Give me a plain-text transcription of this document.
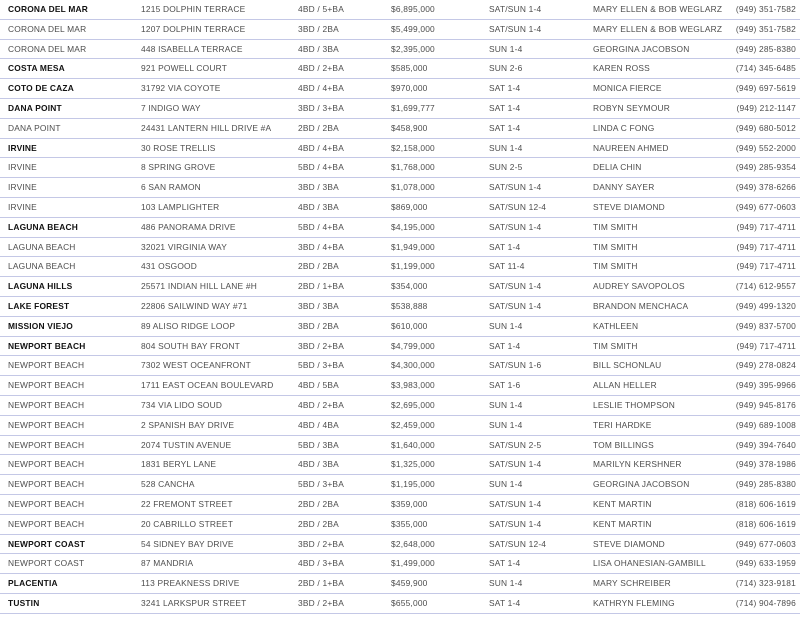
CORONA DEL MAR	1215 DOLPHIN TERRACE	4BD / 5+BA	$6,895,000	SAT/SUN 1-4	MARY ELLEN & BOB WEGLARZ (949) 351-7582
CORONA DEL MAR	1207 DOLPHIN TERRACE	3BD / 2BA	$5,499,000	SAT/SUN 1-4	MARY ELLEN & BOB WEGLARZ (949) 351-7582
CORONA DEL MAR	448 ISABELLA TERRACE	4BD / 3BA	$2,395,000	SUN 1-4	GEORGINA JACOBSON	(949) 285-8380
COSTA MESA	921 POWELL COURT	4BD / 2+BA	$585,000	SUN 2-6	KAREN ROSS	(714) 345-6485
COTO DE CAZA	31792 VIA COYOTE	4BD / 4+BA	$970,000	SAT 1-4	MONICA FIERCE	(949) 697-5619
DANA POINT	7 INDIGO WAY	3BD / 3+BA	$1,699,777	SAT 1-4	ROBYN SEYMOUR	(949) 212-1147
DANA POINT	24431 LANTERN HILL DRIVE #A	2BD / 2BA	$458,900	SAT 1-4	LINDA C FONG	(949) 680-5012
IRVINE	30 ROSE TRELLIS	4BD / 4+BA	$2,158,000	SUN 1-4	NAUREEN AHMED	(949) 552-2000
IRVINE	8 SPRING GROVE	5BD / 4+BA	$1,768,000	SUN 2-5	DELIA CHIN	(949) 285-9354
IRVINE	6 SAN RAMON	3BD / 3BA	$1,078,000	SAT/SUN 1-4	DANNY SAYER	(949) 378-6266
IRVINE	103 LAMPLIGHTER	4BD / 3BA	$869,000	SAT/SUN 12-4	STEVE DIAMOND	(949) 677-0603
LAGUNA BEACH	486 PANORAMA DRIVE	5BD / 4+BA	$4,195,000	SAT/SUN 1-4	TIM SMITH	(949) 717-4711
LAGUNA BEACH	32021 VIRGINIA WAY	3BD / 4+BA	$1,949,000	SAT 1-4	TIM SMITH	(949) 717-4711
LAGUNA BEACH	431 OSGOOD	2BD / 2BA	$1,199,000	SAT 11-4	TIM SMITH	(949) 717-4711
LAGUNA HILLS	25571 INDIAN HILL LANE #H	2BD / 1+BA	$354,000	SAT/SUN 1-4	AUDREY SAVOPOLOS	(714) 612-9557
LAKE FOREST	22806 SAILWIND WAY #71	3BD / 3BA	$538,888	SAT/SUN 1-4	BRANDON MENCHACA	(949) 499-1320
MISSION VIEJO	89 ALISO RIDGE LOOP	3BD / 2BA	$610,000	SUN 1-4	KATHLEEN	(949) 837-5700
NEWPORT BEACH	804 SOUTH BAY FRONT	3BD / 2+BA	$4,799,000	SAT 1-4	TIM SMITH	(949) 717-4711
NEWPORT BEACH	7302 WEST OCEANFRONT	5BD / 3+BA	$4,300,000	SAT/SUN 1-6	BILL SCHONLAU	(949) 278-0824
NEWPORT BEACH	1711 EAST OCEAN BOULEVARD	4BD / 5BA	$3,983,000	SAT 1-6	ALLAN HELLER	(949) 395-9966
NEWPORT BEACH	734 VIA LIDO SOUD	4BD / 2+BA	$2,695,000	SUN 1-4	LESLIE THOMPSON	(949) 945-8176
NEWPORT BEACH	2 SPANISH BAY DRIVE	4BD / 4BA	$2,459,000	SUN 1-4	TERI HARDKE	(949) 689-1008
NEWPORT BEACH	2074 TUSTIN AVENUE	5BD / 3BA	$1,640,000	SAT/SUN 2-5	TOM BILLINGS	(949) 394-7640
NEWPORT BEACH	1831 BERYL LANE	4BD / 3BA	$1,325,000	SAT/SUN 1-4	MARILYN KERSHNER	(949) 378-1986
NEWPORT BEACH	528 CANCHA	5BD / 3+BA	$1,195,000	SUN 1-4	GEORGINA JACOBSON	(949) 285-8380
NEWPORT BEACH	22 FREMONT STREET	2BD / 2BA	$359,000	SAT/SUN 1-4	KENT MARTIN	(818) 606-1619
NEWPORT BEACH	20 CABRILLO STREET	2BD / 2BA	$355,000	SAT/SUN 1-4	KENT MARTIN	(818) 606-1619
NEWPORT COAST	54 SIDNEY BAY DRIVE	3BD / 2+BA	$2,648,000	SAT/SUN 12-4	STEVE DIAMOND	(949) 677-0603
NEWPORT COAST	87 MANDRIA	4BD / 3+BA	$1,499,000	SAT 1-4	LISA OHANESIAN-GAMBILL	(949) 633-1959
PLACENTIA	113 PREAKNESS DRIVE	2BD / 1+BA	$459,900	SUN 1-4	MARY SCHREIBER	(714) 323-9181
TUSTIN	3241 LARKSPUR STREET	3BD / 2+BA	$655,000	SAT 1-4	KATHRYN FLEMING	(714) 904-7896
